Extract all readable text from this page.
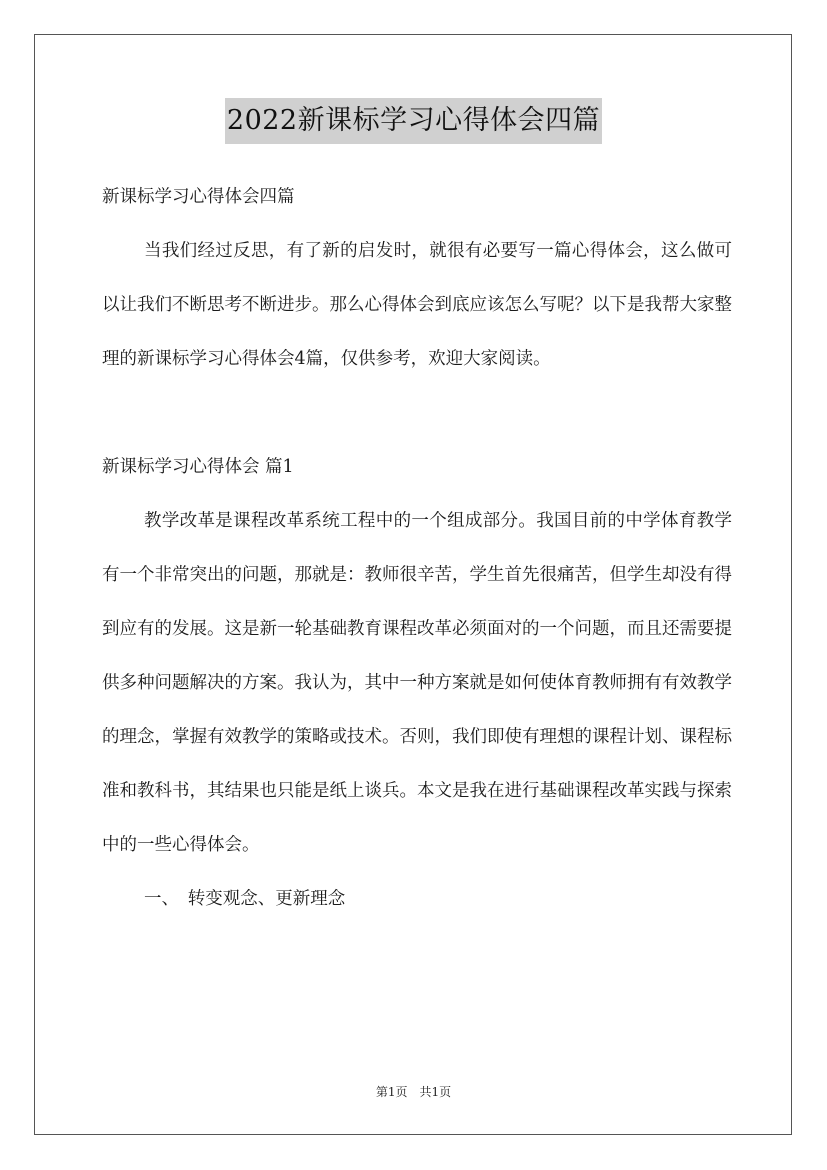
2022新课标学习心得体会四篇

新课标学习心得体会四篇

当我们经过反思，有了新的启发时，就很有必要写一篇心得体会，这么做可以让我们不断思考不断进步。那么心得体会到底应该怎么写呢？以下是我帮大家整理的新课标学习心得体会4篇，仅供参考，欢迎大家阅读。

新课标学习心得体会 篇1

教学改革是课程改革系统工程中的一个组成部分。我国目前的中学体育教学有一个非常突出的问题，那就是：教师很辛苦，学生首先很痛苦，但学生却没有得到应有的发展。这是新一轮基础教育课程改革必须面对的一个问题，而且还需要提供多种问题解决的方案。我认为，其中一种方案就是如何使体育教师拥有有效教学的理念，掌握有效教学的策略或技术。否则，我们即使有理想的课程计划、课程标准和教科书，其结果也只能是纸上谈兵。本文是我在进行基础课程改革实践与探索中的一些心得体会。

一、　转变观念、更新理念

第1页　共1页
